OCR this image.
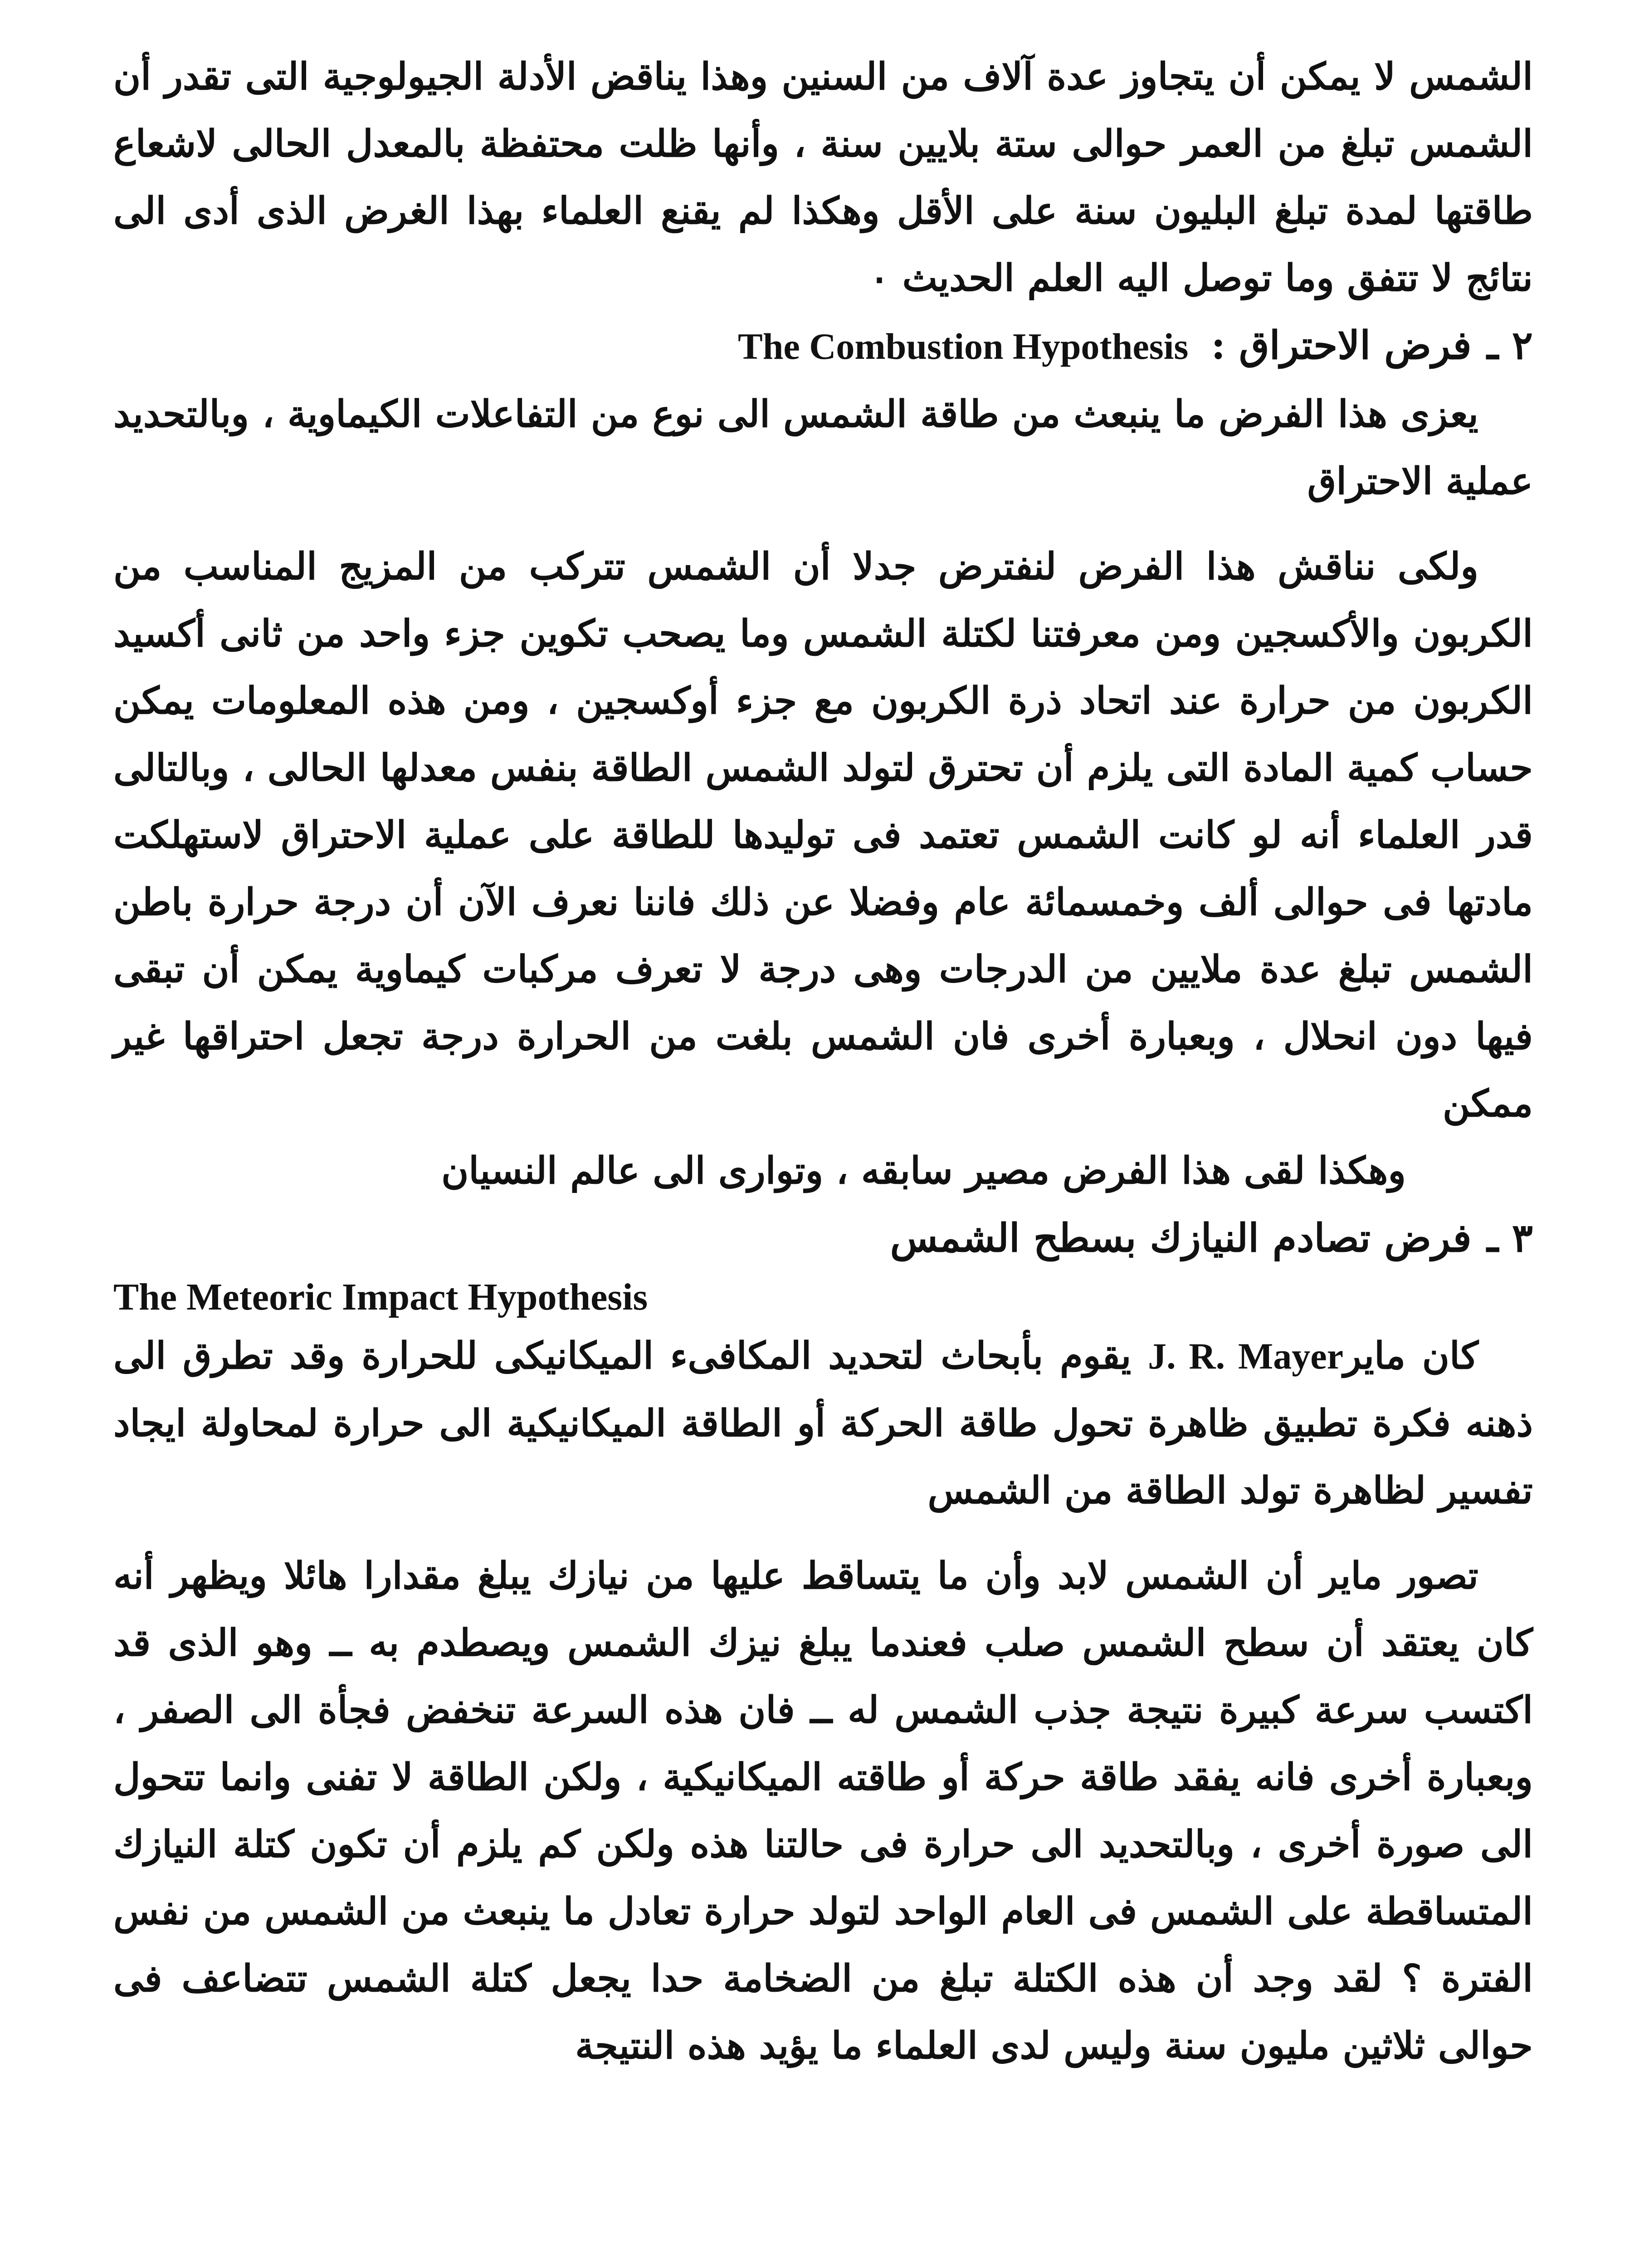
الشمس لا يمكن أن يتجاوز عدة آلاف من السنين وهذا يناقض الأدلة الجيولوجية التى تقدر أن الشمس تبلغ من العمر حوالى ستة بلايين سنة ، وأنها ظلت محتفظة بالمعدل الحالى لاشعاع طاقتها لمدة تبلغ البليون سنة على الأقل وهكذا لم يقنع العلماء بهذا الغرض الذى أدى الى نتائج لا تتفق وما توصل اليه العلم الحديث ٠

٢ ـ
فرض الاحتراق :
The Combustion Hypothesis

يعزى هذا الفرض ما ينبعث من طاقة الشمس الى نوع من التفاعلات الكيماوية ، وبالتحديد عملية الاحتراق

ولكى نناقش هذا الفرض لنفترض جدلا أن الشمس تتركب من المزيج المناسب من الكربون والأكسجين ومن معرفتنا لكتلة الشمس وما يصحب تكوين جزء واحد من ثانى أكسيد الكربون من حرارة عند اتحاد ذرة الكربون مع جزء أوكسجين ، ومن هذه المعلومات يمكن حساب كمية المادة التى يلزم أن تحترق لتولد الشمس الطاقة بنفس معدلها الحالى ، وبالتالى قدر العلماء أنه لو كانت الشمس تعتمد فى توليدها للطاقة على عملية الاحتراق لاستهلكت مادتها فى حوالى ألف وخمسمائة عام وفضلا عن ذلك فاننا نعرف الآن أن درجة حرارة باطن الشمس تبلغ عدة ملايين من الدرجات وهى درجة لا تعرف مركبات كيماوية يمكن أن تبقى فيها دون انحلال ، وبعبارة أخرى فان الشمس بلغت من الحرارة درجة تجعل احتراقها غير ممكن

وهكذا لقى هذا الفرض مصير سابقه ، وتوارى الى عالم النسيان

٣ ـ
فرض تصادم النيازك بسطح الشمس

The Meteoric Impact Hypothesis

كان مايرJ. R. Mayer يقوم بأبحاث لتحديد المكافىء الميكانيكى للحرارة وقد تطرق الى ذهنه فكرة تطبيق ظاهرة تحول طاقة الحركة أو الطاقة الميكانيكية الى حرارة لمحاولة ايجاد تفسير لظاهرة تولد الطاقة من الشمس

تصور ماير أن الشمس لابد وأن ما يتساقط عليها من نيازك يبلغ مقدارا هائلا ويظهر أنه كان يعتقد أن سطح الشمس صلب فعندما يبلغ نيزك الشمس ويصطدم به ــ وهو الذى قد اكتسب سرعة كبيرة نتيجة جذب الشمس له ــ فان هذه السرعة تنخفض فجأة الى الصفر ، وبعبارة أخرى فانه يفقد طاقة حركة أو طاقته الميكانيكية ، ولكن الطاقة لا تفنى وانما تتحول الى صورة أخرى ، وبالتحديد الى حرارة فى حالتنا هذه ولكن كم يلزم أن تكون كتلة النيازك المتساقطة على الشمس فى العام الواحد لتولد حرارة تعادل ما ينبعث من الشمس من نفس الفترة ؟ لقد وجد أن هذه الكتلة تبلغ من الضخامة حدا يجعل كتلة الشمس تتضاعف فى حوالى ثلاثين مليون سنة وليس لدى العلماء ما يؤيد هذه النتيجة
